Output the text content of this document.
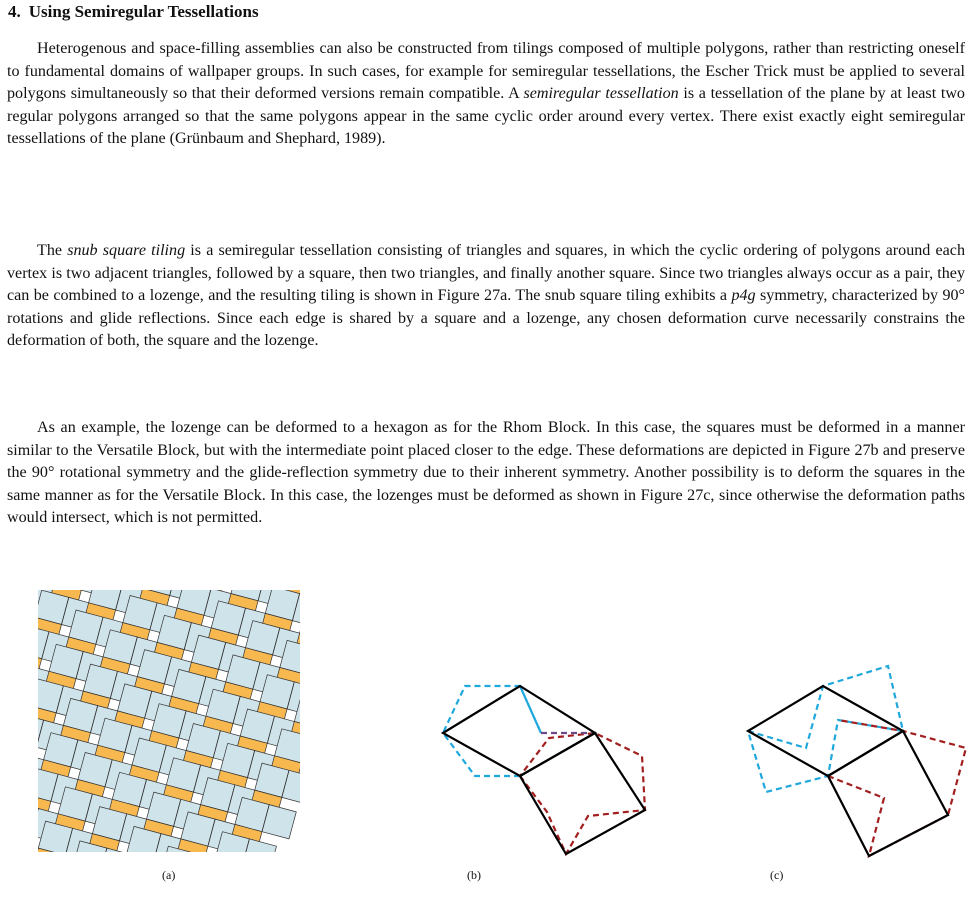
4. Using Semiregular Tessellations

Heterogenous and space-filling assemblies can also be constructed from tilings composed of multiple polygons, rather than restricting oneself to fundamental domains of wallpaper groups. In such cases, for example for semiregular tessellations, the Escher Trick must be applied to several polygons simultaneously so that their deformed versions remain compatible. A semiregular tessellation is a tessellation of the plane by at least two regular polygons arranged so that the same polygons appear in the same cyclic order around every vertex. There exist exactly eight semiregular tessellations of the plane (Grünbaum and Shephard, 1989).

The snub square tiling is a semiregular tessellation consisting of triangles and squares, in which the cyclic ordering of polygons around each vertex is two adjacent triangles, followed by a square, then two triangles, and finally another square. Since two triangles always occur as a pair, they can be combined to a lozenge, and the resulting tiling is shown in Figure 27a. The snub square tiling exhibits a p4g symmetry, characterized by 90° rotations and glide reflections. Since each edge is shared by a square and a lozenge, any chosen deformation curve necessarily constrains the deformation of both, the square and the lozenge.

As an example, the lozenge can be deformed to a hexagon as for the Rhom Block. In this case, the squares must be deformed in a manner similar to the Versatile Block, but with the intermediate point placed closer to the edge. These deformations are depicted in Figure 27b and preserve the 90° rotational symmetry and the glide-reflection symmetry due to their inherent symmetry. Another possibility is to deform the squares in the same manner as for the Versatile Block. In this case, the lozenges must be deformed as shown in Figure 27c, since otherwise the deformation paths would intersect, which is not permitted.

(a)	(b)	(c)
